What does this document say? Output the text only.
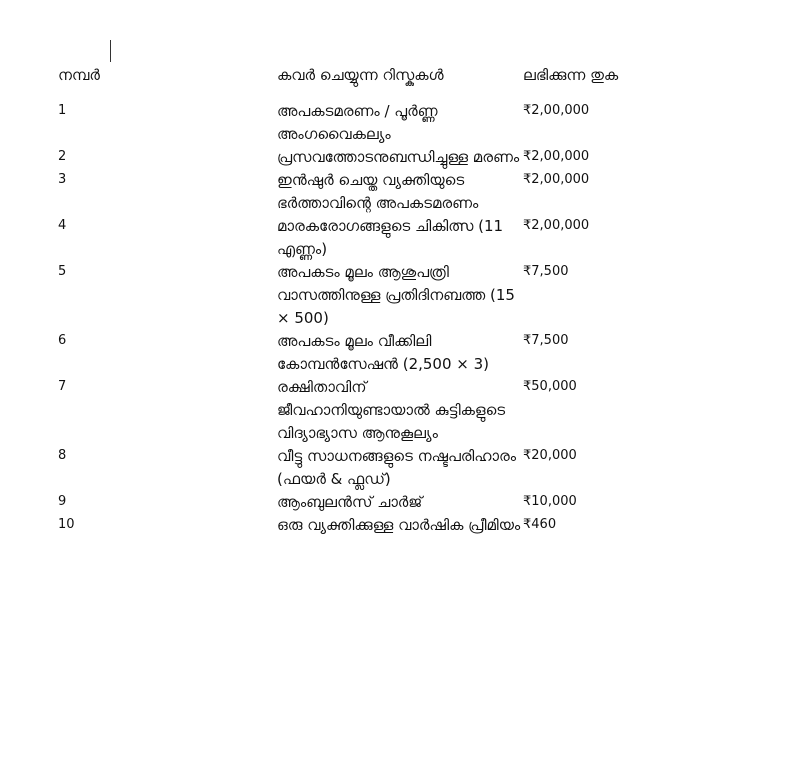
നമ്പർ	കവർ ചെയ്യുന്ന റിസ്കുകൾ	ലഭിക്കുന്ന തുക
1	അപകടമരണം / പൂർണ്ണ അംഗവൈകല്യം	₹2,00,000
2	പ്രസവത്തോടനുബന്ധിച്ചുള്ള മരണം	₹2,00,000
3	ഇൻഷുർ ചെയ്ത വ്യക്തിയുടെ ഭർത്താവിന്റെ അപകടമരണം	₹2,00,000
4	മാരകരോഗങ്ങളുടെ ചികിത്സ (11 എണ്ണം)	₹2,00,000
5	അപകടം മൂലം ആശുപത്രി വാസത്തിനുള്ള പ്രതിദിനബത്ത (15 × 500)	₹7,500
6	അപകടം മൂലം വീക്കിലി കോമ്പൻസേഷൻ (2,500 × 3)	₹7,500
7	രക്ഷിതാവിന് ജീവഹാനിയുണ്ടായാൽ കുട്ടികളുടെ വിദ്യാഭ്യാസ ആനുകൂല്യം	₹50,000
8	വീട്ടു സാധനങ്ങളുടെ നഷ്ടപരിഹാരം (ഫയർ & ഫ്ലഡ്)	₹20,000
9	ആംബുലൻസ് ചാർജ്	₹10,000
10	ഒരു വ്യക്തിക്കുള്ള വാർഷിക പ്രീമിയം	₹460
